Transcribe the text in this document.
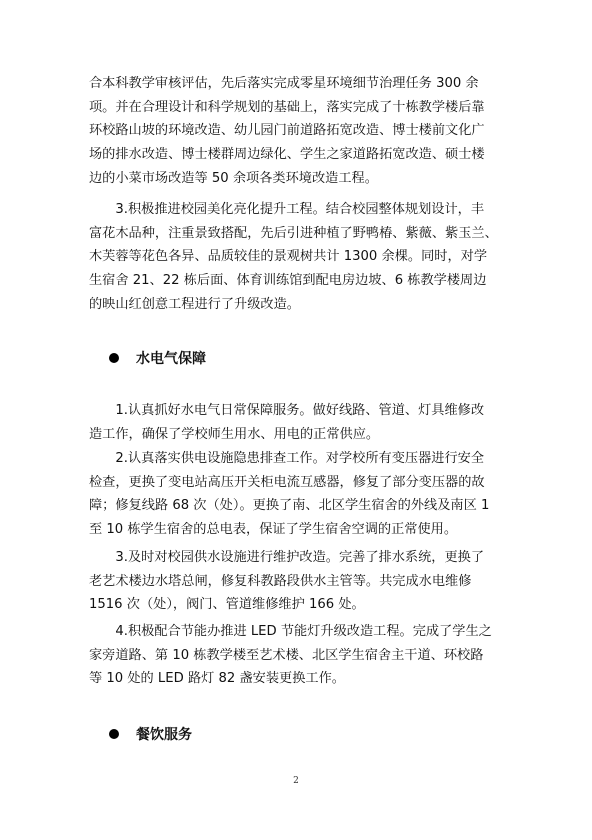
合本科教学审核评估，先后落实完成零星环境细节治理任务 300 余
项。并在合理设计和科学规划的基础上，落实完成了十栋教学楼后靠
环校路山坡的环境改造、幼儿园门前道路拓宽改造、博士楼前文化广
场的排水改造、博士楼群周边绿化、学生之家道路拓宽改造、硕士楼
边的小菜市场改造等 50 余项各类环境改造工程。

　　3.积极推进校园美化亮化提升工程。结合校园整体规划设计，丰
富花木品种，注重景致搭配，先后引进种植了野鸭椿、紫薇、紫玉兰、
木芙蓉等花色各异、品质较佳的景观树共计 1300 余棵。同时，对学
生宿舍 21、22 栋后面、体育训练馆到配电房边坡、6 栋教学楼周边
的映山红创意工程进行了升级改造。

水电气保障

　　1.认真抓好水电气日常保障服务。做好线路、管道、灯具维修改
造工作，确保了学校师生用水、用电的正常供应。

　　2.认真落实供电设施隐患排查工作。对学校所有变压器进行安全
检查，更换了变电站高压开关柜电流互感器，修复了部分变压器的故
障；修复线路 68 次（处）。更换了南、北区学生宿舍的外线及南区 1
至 10 栋学生宿舍的总电表，保证了学生宿舍空调的正常使用。

　　3.及时对校园供水设施进行维护改造。完善了排水系统，更换了
老艺术楼边水塔总闸，修复科教路段供水主管等。共完成水电维修
1516 次（处），阀门、管道维修维护 166 处。

　　4.积极配合节能办推进 LED 节能灯升级改造工程。完成了学生之
家旁道路、第 10 栋教学楼至艺术楼、北区学生宿舍主干道、环校路
等 10 处的 LED 路灯 82 盏安装更换工作。

餐饮服务
2
